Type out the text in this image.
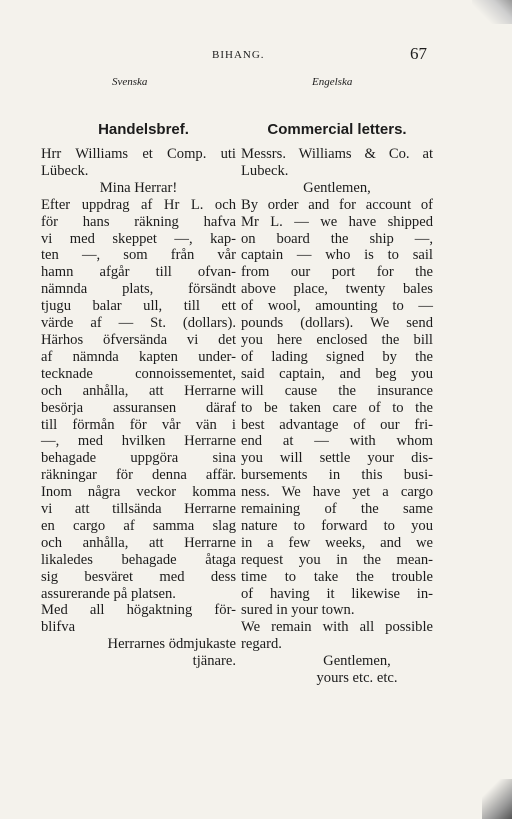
BIHANG.	67
Svenska	Engelska
Handelsbref.

Hrr Williams et Comp. uti
Lübeck.

Mina Herrar!

Efter uppdrag af Hr L. och
för hans räkning hafva
vi med skeppet —, kap-
ten —, som från vår
hamn afgår till ofvan-
nämnda plats, försändt
tjugu balar ull, till ett
värde af — St. (dollars).
Härhos öfversända vi det
af nämnda kapten under-
tecknade connoissementet,
och anhålla, att Herrarne
besörja assuransen däraf
till förmån för vår vän i
—, med hvilken Herrarne
behagade uppgöra sina
räkningar för denna affär.
Inom några veckor komma
vi att tillsända Herrarne
en cargo af samma slag
och anhålla, att Herrarne
likaledes behagade åtaga
sig besväret med dess
assurerande på platsen.

Med all högaktning för-
blifva

Herrarnes ödmjukaste

tjänare.

Commercial letters.

Messrs. Williams & Co. at
Lubeck.

Gentlemen,

By order and for account of
Mr L. — we have shipped
on board the ship —,
captain — who is to sail
from our port for the
above place, twenty bales
of wool, amounting to —
pounds (dollars). We send
you here enclosed the bill
of lading signed by the
said captain, and beg you
will cause the insurance
to be taken care of to the
best advantage of our fri-
end at — with whom
you will settle your dis-
bursements in this busi-
ness. We have yet a cargo
remaining of the same
nature to forward to you
in a few weeks, and we
request you in the mean-
time to take the trouble
of having it likewise in-
sured in your town.

We remain with all possible
regard.

Gentlemen,

yours etc. etc.
